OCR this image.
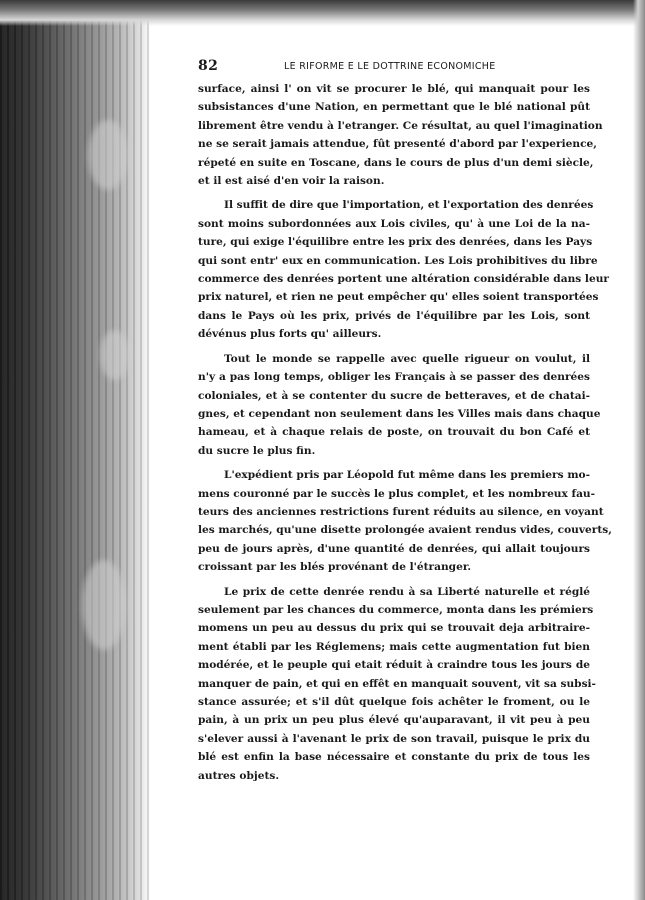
82	LE RIFORME E LE DOTTRINE ECONOMICHE
surface, ainsi l' on vit se procurer le blé, qui manquait pour les
subsistances d'une Nation, en permettant que le blé national pût
librement être vendu à l'etranger. Ce résultat, au quel l'imagination
ne se serait jamais attendue, fût presenté d'abord par l'experience,
répeté en suite en Toscane, dans le cours de plus d'un demi siècle,
et il est aisé d'en voir la raison.
Il suffit de dire que l'importation, et l'exportation des denrées
sont moins subordonnées aux Lois civiles, qu' à une Loi de la na-
ture, qui exige l'équilibre entre les prix des denrées, dans les Pays
qui sont entr' eux en communication. Les Lois prohibitives du libre
commerce des denrées portent une altération considérable dans leur
prix naturel, et rien ne peut empêcher qu' elles soient transportées
dans le Pays où les prix, privés de l'équilibre par les Lois, sont
dévénus plus forts qu' ailleurs.
Tout le monde se rappelle avec quelle rigueur on voulut, il
n'y a pas long temps, obliger les Français à se passer des denrées
coloniales, et à se contenter du sucre de betteraves, et de chatai-
gnes, et cependant non seulement dans les Villes mais dans chaque
hameau, et à chaque relais de poste, on trouvait du bon Café et
du sucre le plus fin.
L'expédient pris par Léopold fut même dans les premiers mo-
mens couronné par le succès le plus complet, et les nombreux fau-
teurs des anciennes restrictions furent réduits au silence, en voyant
les marchés, qu'une disette prolongée avaient rendus vides, couverts,
peu de jours après, d'une quantité de denrées, qui allait toujours
croissant par les blés provénant de l'étranger.
Le prix de cette denrée rendu à sa Liberté naturelle et réglé
seulement par les chances du commerce, monta dans les prémiers
momens un peu au dessus du prix qui se trouvait deja arbitraire-
ment établi par les Réglemens; mais cette augmentation fut bien
modérée, et le peuple qui etait réduit à craindre tous les jours de
manquer de pain, et qui en effêt en manquait souvent, vit sa subsi-
stance assurée; et s'il dût quelque fois achêter le froment, ou le
pain, à un prix un peu plus élevé qu'auparavant, il vit peu à peu
s'elever aussi à l'avenant le prix de son travail, puisque le prix du
blé est enfin la base nécessaire et constante du prix de tous les
autres objets.
